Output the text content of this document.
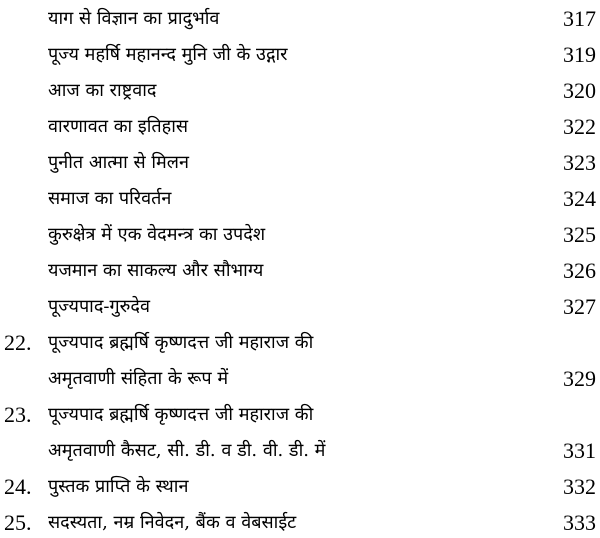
याग से विज्ञान का प्रादुर्भाव	317
पूज्य महर्षि महानन्द मुनि जी के उद्गार	319
आज का राष्ट्रवाद	320
वारणावत का इतिहास	322
पुनीत आत्मा से मिलन	323
समाज का परिवर्तन	324
कुरुक्षेत्र में एक वेदमन्त्र का उपदेश	325
यजमान का साकल्य और सौभाग्य	326
पूज्यपाद-गुरुदेव	327
22. पूज्यपाद ब्रह्मर्षि कृष्णदत्त जी महाराज की
अमृतवाणी संहिता के रूप में	329
23. पूज्यपाद ब्रह्मर्षि कृष्णदत्त जी महाराज की
अमृतवाणी कैसट, सी. डी. व डी. वी. डी. में	331
24. पुस्तक प्राप्ति के स्थान	332
25. सदस्यता, नम्र निवेदन, बैंक व वेबसाईट	333
